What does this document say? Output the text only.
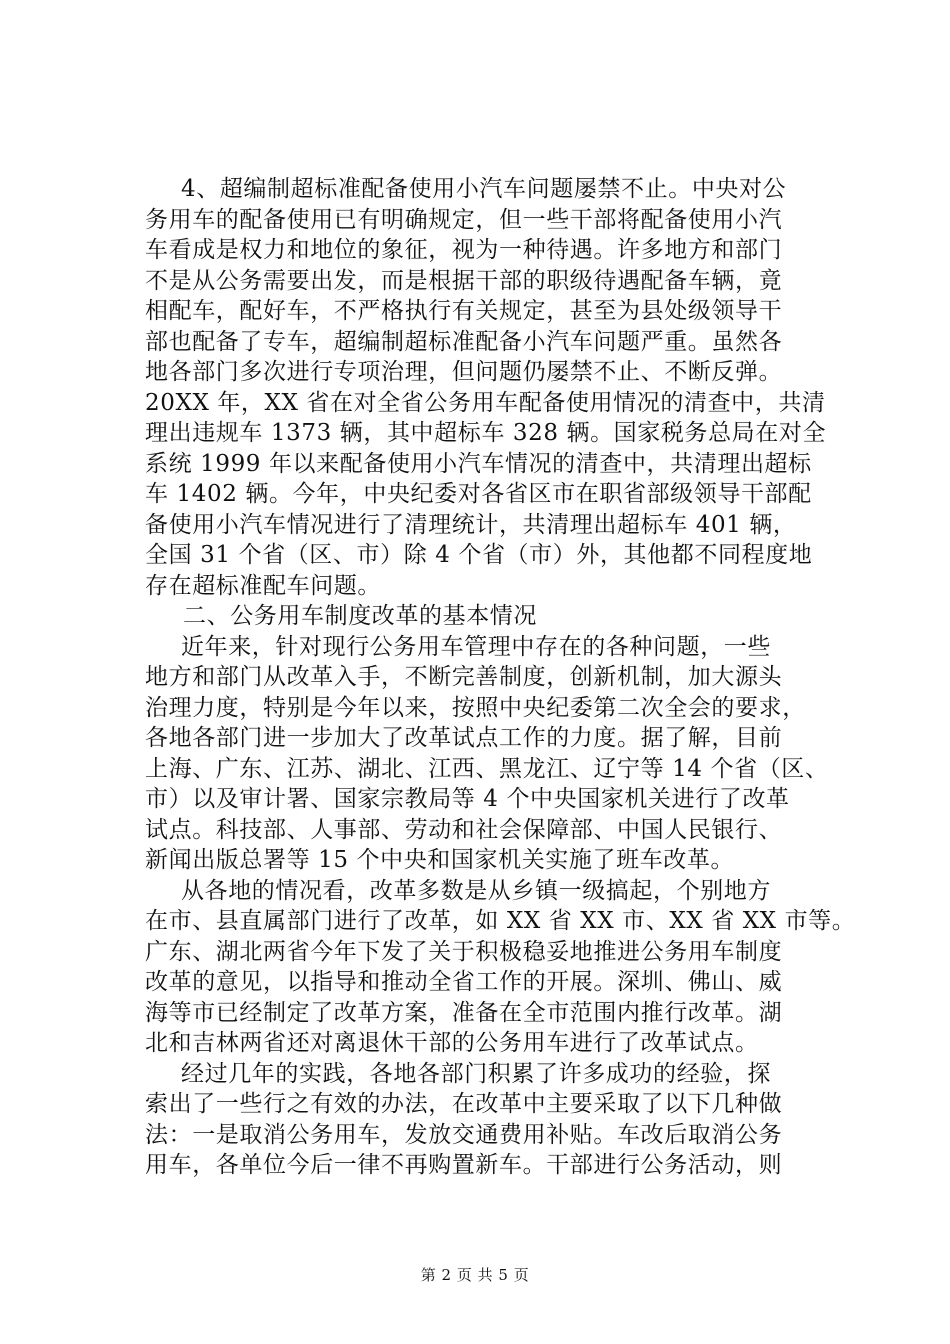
4、超编制超标准配备使用小汽车问题屡禁不止。中央对公
务用车的配备使用已有明确规定，但一些干部将配备使用小汽
车看成是权力和地位的象征，视为一种待遇。许多地方和部门
不是从公务需要出发，而是根据干部的职级待遇配备车辆，竟
相配车，配好车，不严格执行有关规定，甚至为县处级领导干
部也配备了专车，超编制超标准配备小汽车问题严重。虽然各
地各部门多次进行专项治理，但问题仍屡禁不止、不断反弹。
20XX 年，XX 省在对全省公务用车配备使用情况的清查中，共清
理出违规车 1373 辆，其中超标车 328 辆。国家税务总局在对全
系统 1999 年以来配备使用小汽车情况的清查中，共清理出超标
车 1402 辆。今年，中央纪委对各省区市在职省部级领导干部配
备使用小汽车情况进行了清理统计，共清理出超标车 401 辆，
全国 31 个省（区、市）除 4 个省（市）外，其他都不同程度地
存在超标准配车问题。
二、公务用车制度改革的基本情况
近年来，针对现行公务用车管理中存在的各种问题，一些
地方和部门从改革入手，不断完善制度，创新机制，加大源头
治理力度，特别是今年以来，按照中央纪委第二次全会的要求，
各地各部门进一步加大了改革试点工作的力度。据了解，目前
上海、广东、江苏、湖北、江西、黑龙江、辽宁等 14 个省（区、
市）以及审计署、国家宗教局等 4 个中央国家机关进行了改革
试点。科技部、人事部、劳动和社会保障部、中国人民银行、
新闻出版总署等 15 个中央和国家机关实施了班车改革。
从各地的情况看，改革多数是从乡镇一级搞起，个别地方
在市、县直属部门进行了改革，如 XX 省 XX 市、XX 省 XX 市等。
广东、湖北两省今年下发了关于积极稳妥地推进公务用车制度
改革的意见，以指导和推动全省工作的开展。深圳、佛山、威
海等市已经制定了改革方案，准备在全市范围内推行改革。湖
北和吉林两省还对离退休干部的公务用车进行了改革试点。
经过几年的实践，各地各部门积累了许多成功的经验，探
索出了一些行之有效的办法，在改革中主要采取了以下几种做
法：一是取消公务用车，发放交通费用补贴。车改后取消公务
用车，各单位今后一律不再购置新车。干部进行公务活动，则
第 2 页 共 5 页
